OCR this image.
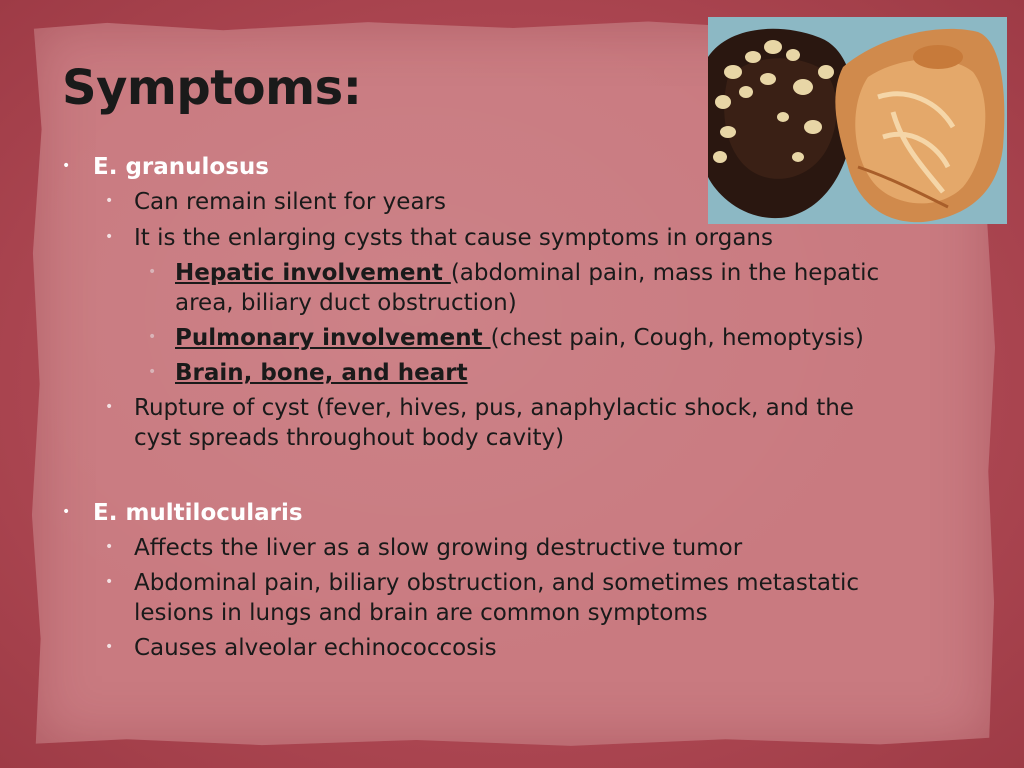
Symptoms:
• E. granulosus
• Can remain silent for years
• It is the enlarging cysts that cause symptoms in organs
• Hepatic involvement (abdominal pain, mass in the hepatic
area, biliary duct obstruction)
• Pulmonary involvement (chest pain, Cough, hemoptysis)
• Brain, bone, and heart
• Rupture of cyst (fever, hives, pus, anaphylactic shock, and the
cyst spreads throughout body cavity)
• E. multilocularis
• Affects the liver as a slow growing destructive tumor
• Abdominal pain, biliary obstruction, and sometimes metastatic
lesions in lungs and brain are common symptoms
• Causes alveolar echinococcosis
